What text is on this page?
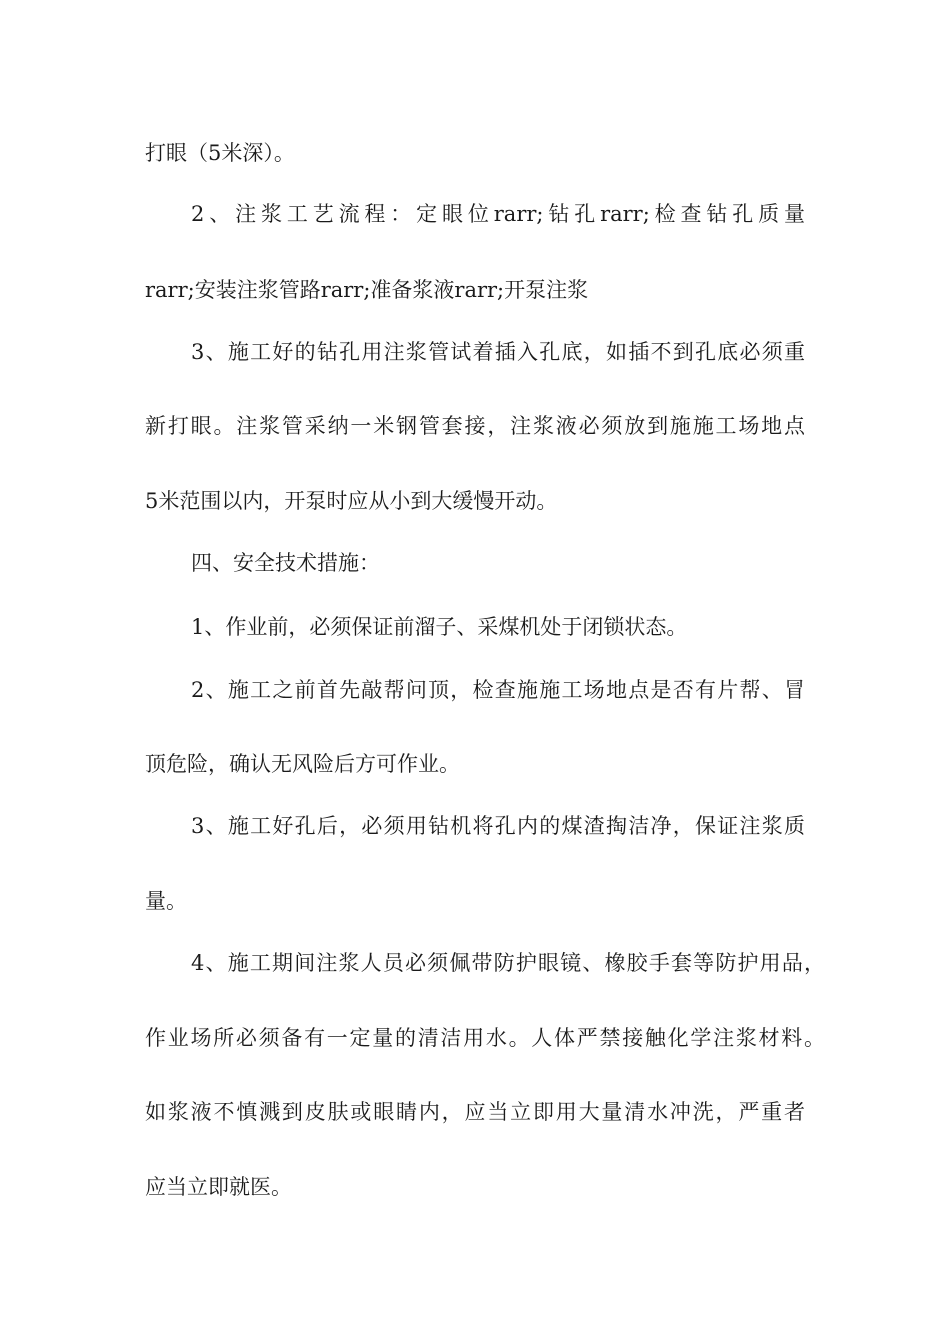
打眼（5米深）。
2、注浆工艺流程：定眼位rarr;钻孔rarr;检查钻孔质量
rarr;安装注浆管路rarr;准备浆液rarr;开泵注浆
3、施工好的钻孔用注浆管试着插入孔底，如插不到孔底必须重
新打眼。注浆管采纳一米钢管套接，注浆液必须放到施施工场地点
5米范围以内，开泵时应从小到大缓慢开动。
四、安全技术措施：
1、作业前，必须保证前溜子、采煤机处于闭锁状态。
2、施工之前首先敲帮问顶，检查施施工场地点是否有片帮、冒
顶危险，确认无风险后方可作业。
3、施工好孔后，必须用钻机将孔内的煤渣掏洁净，保证注浆质
量。
4、施工期间注浆人员必须佩带防护眼镜、橡胶手套等防护用品，
作业场所必须备有一定量的清洁用水。人体严禁接触化学注浆材料。
如浆液不慎溅到皮肤或眼睛内，应当立即用大量清水冲洗，严重者
应当立即就医。
